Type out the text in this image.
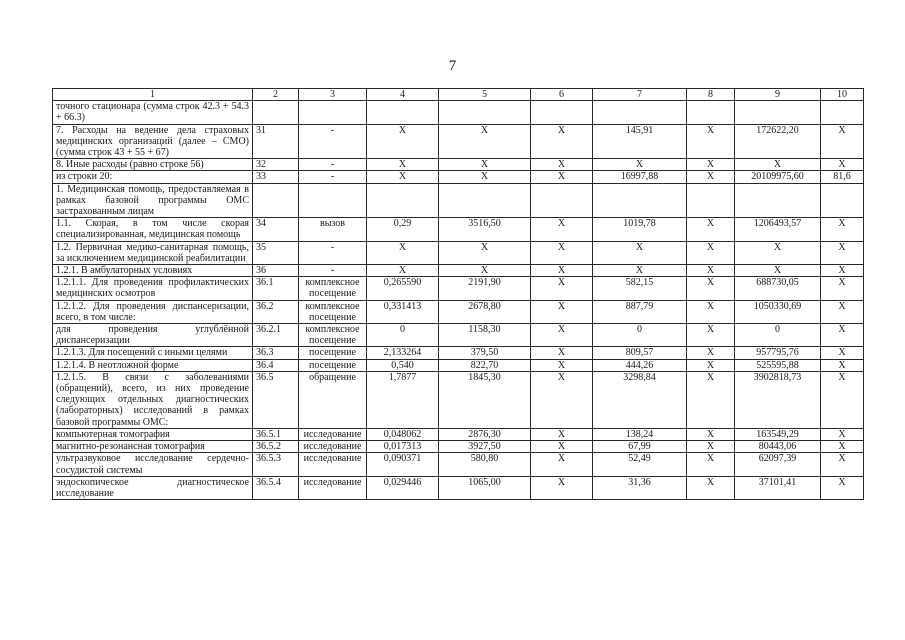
7
1	2	3	4	5	6	7	8	9	10
точного стационара (сумма строк 42.3 + 54.3 + 66.3)									
7. Расходы на ведение дела страховых медицинских организаций (далее – СМО) (сумма строк 43 + 55 + 67)	31	-	X	X	X	145,91	X	172622,20	X
8. Иные расходы (равно строке 56)	32	-	X	X	X	X	X	X	X
из строки 20:	33	-	X	X	X	16997,88	X	20109975,60	81,6
1. Медицинская помощь, предоставляемая в рамках базовой программы ОМС застрахованным лицам									
1.1. Скорая, в том числе скорая специализированная, медицинская помощь	34	вызов	0,29	3516,50	X	1019,78	X	1206493,57	X
1.2. Первичная медико-санитарная помощь, за исключением медицинской реабилитации	35	-	X	X	X	X	X	X	X
1.2.1. В амбулаторных условиях	36	-	X	X	X	X	X	X	X
1.2.1.1. Для проведения профилактических медицинских осмотров	36.1	комплексное посещение	0,265590	2191,90	X	582,15	X	688730,05	X
1.2.1.2. Для проведения диспансеризации, всего, в том числе:	36.2	комплексное посещение	0,331413	2678,80	X	887,79	X	1050330,69	X
для проведения углублённой диспансеризации	36.2.1	комплексное посещение	0	1158,30	X	0	X	0	X
1.2.1.3. Для посещений с иными целями	36.3	посещение	2,133264	379,50	X	809,57	X	957795,76	X
1.2.1.4. В неотложной форме	36.4	посещение	0,540	822,70	X	444,26	X	525595,88	X
1.2.1.5. В связи с заболеваниями (обращений), всего, из них проведение следующих отдельных диагностических (лабораторных) исследований в рамках базовой программы ОМС:	36.5	обращение	1,7877	1845,30	X	3298,84	X	3902818,73	X
компьютерная томография	36.5.1	исследование	0,048062	2876,30	X	138,24	X	163549,29	X
магнитно-резонансная томография	36.5.2	исследование	0,017313	3927,50	X	67,99	X	80443,06	X
ультразвуковое исследование сердечно-сосудистой системы	36.5.3	исследование	0,090371	580,80	X	52,49	X	62097,39	X
эндоскопическое диагностическое исследование	36.5.4	исследование	0,029446	1065,00	X	31,36	X	37101,41	X
